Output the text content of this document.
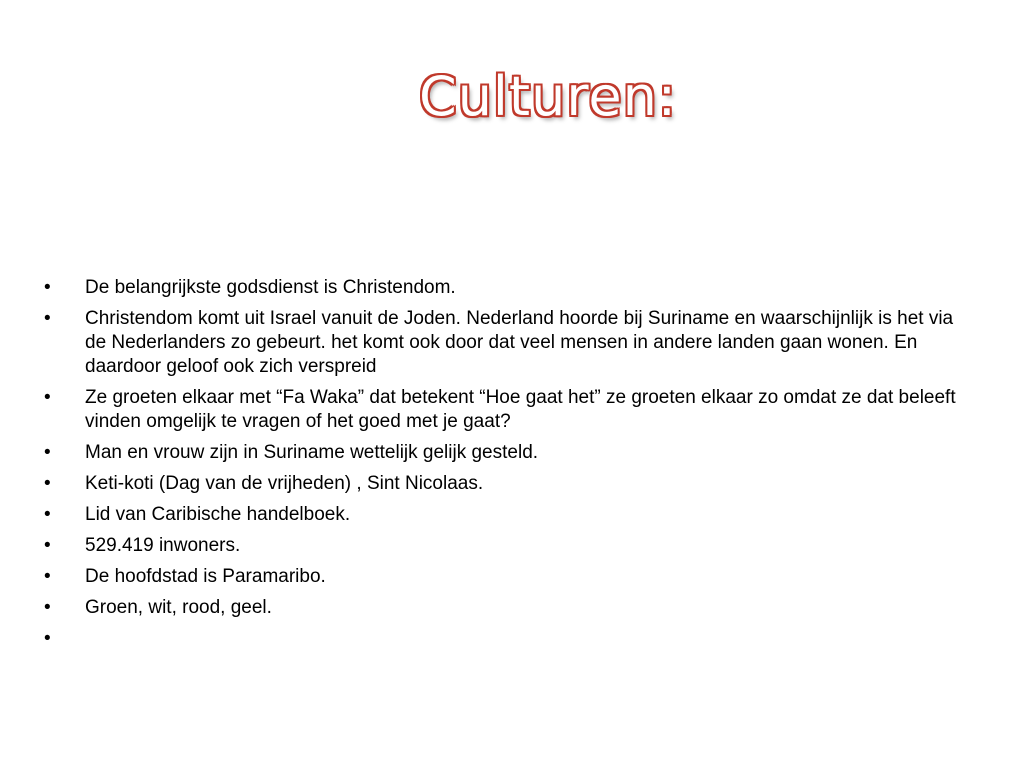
Culturen:
•	De belangrijkste godsdienst is Christendom.
•	Christendom komt uit Israel vanuit de Joden. Nederland hoorde bij Suriname en waarschijnlijk is het via de Nederlanders zo gebeurt. het komt ook door dat veel mensen in andere landen gaan wonen. En daardoor geloof ook zich verspreid
•	Ze groeten elkaar met “Fa Waka” dat betekent “Hoe gaat het” ze groeten elkaar zo omdat ze dat beleeft vinden omgelijk te vragen of het goed met je gaat?
•	Man en vrouw zijn in Suriname wettelijk gelijk gesteld.
•	Keti-koti (Dag van de vrijheden) , Sint Nicolaas.
•	Lid van Caribische handelboek.
•	529.419 inwoners.
•	De hoofdstad is Paramaribo.
•	Groen, wit, rood, geel.
•
